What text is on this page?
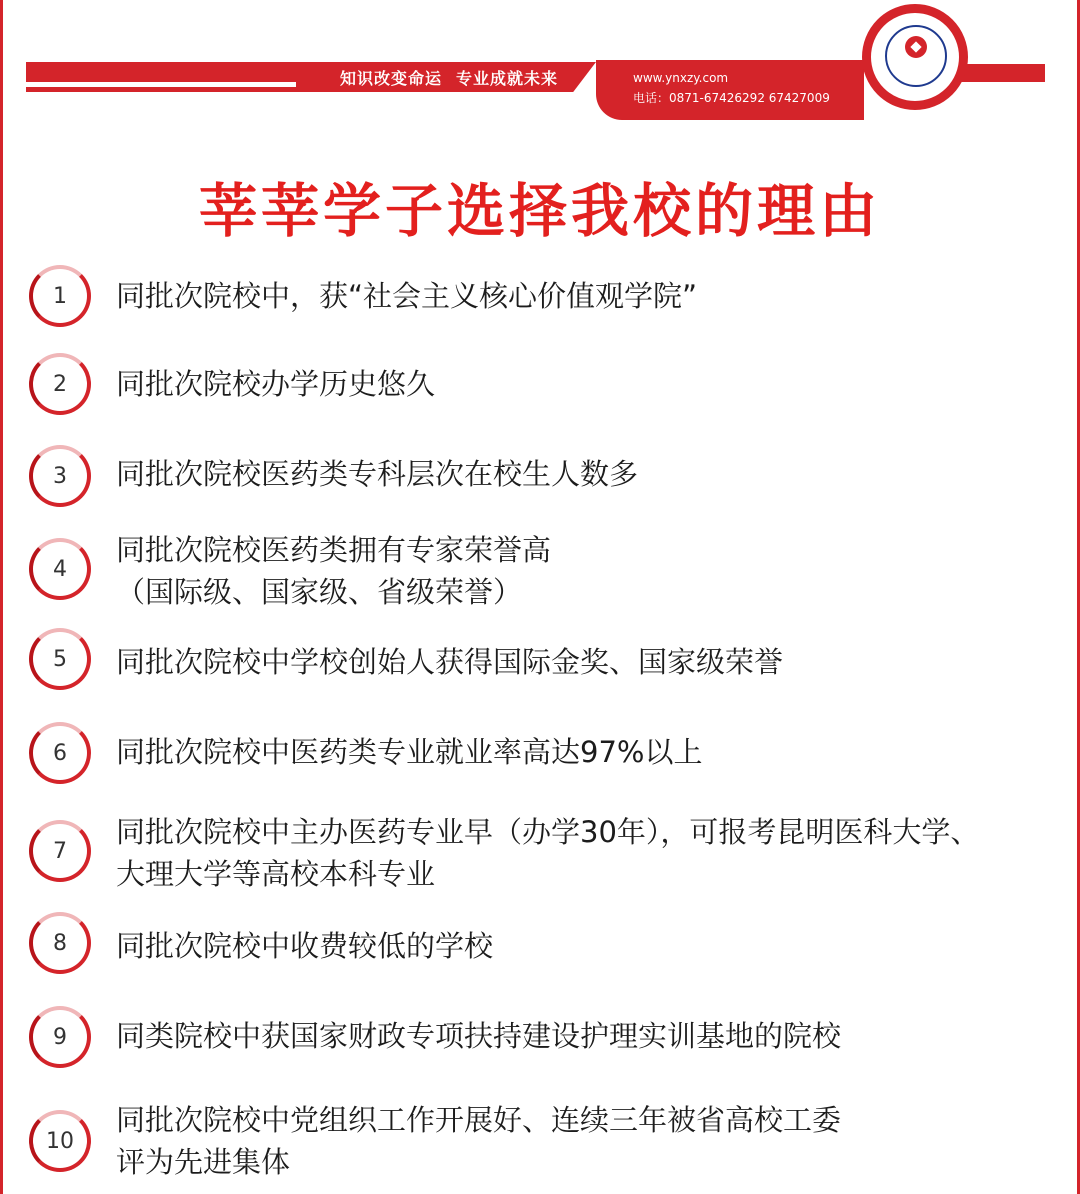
知识改变命运 专业成就未来	www.ynxzy.com
电话：0871-67426292 67427009
莘莘学子选择我校的理由
1	同批次院校中，获“社会主义核心价值观学院”
2	同批次院校办学历史悠久
3	同批次院校医药类专科层次在校生人数多
4
同批次院校医药类拥有专家荣誉高
（国际级、国家级、省级荣誉）
5	同批次院校中学校创始人获得国际金奖、国家级荣誉
6	同批次院校中医药类专业就业率高达97%以上
7
同批次院校中主办医药专业早（办学30年），可报考昆明医科大学、
大理大学等高校本科专业
8	同批次院校中收费较低的学校
9	同类院校中获国家财政专项扶持建设护理实训基地的院校
10
同批次院校中党组织工作开展好、连续三年被省高校工委
评为先进集体
